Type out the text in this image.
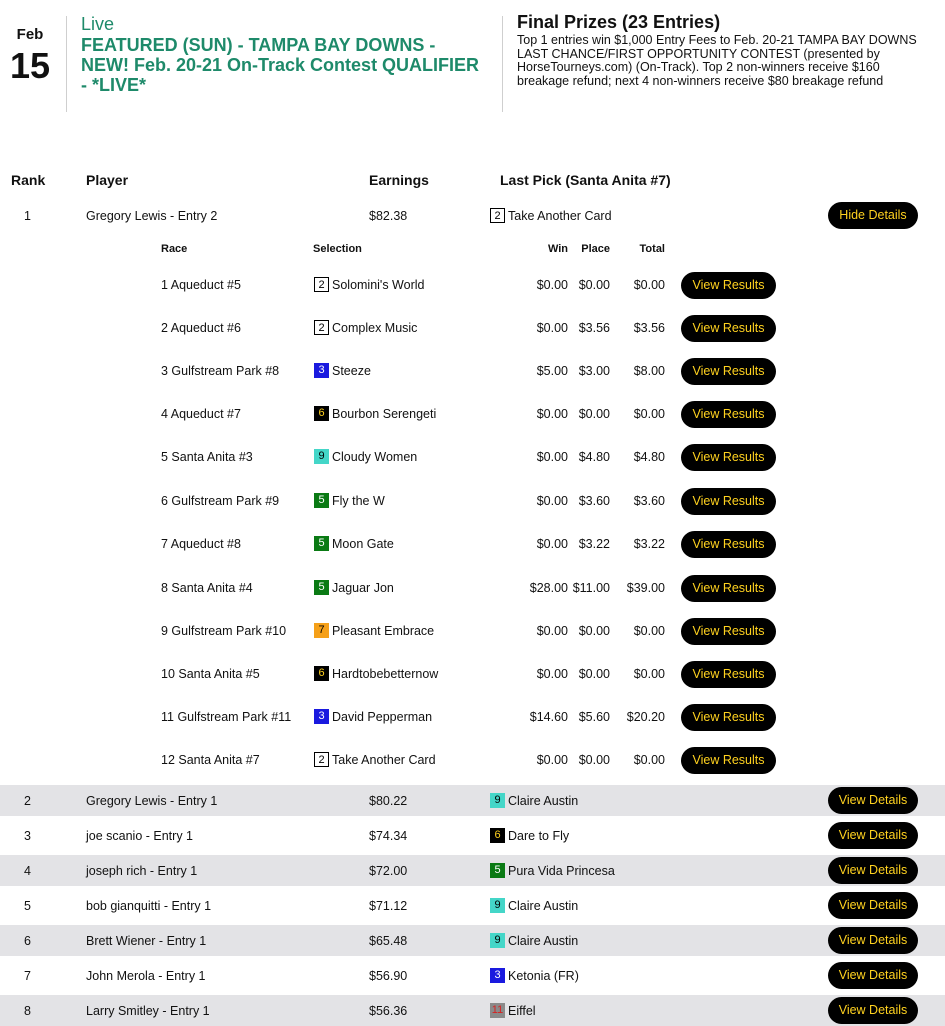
Feb
15
Live
FEATURED (SUN) - TAMPA BAY DOWNS - NEW! Feb. 20-21 On-Track Contest QUALIFIER - *LIVE*
Final Prizes (23 Entries)
Top 1 entries win $1,000 Entry Fees to Feb. 20-21 TAMPA BAY DOWNS LAST CHANCE/FIRST OPPORTUNITY CONTEST (presented by HorseTourneys.com) (On-Track). Top 2 non-winners receive $160 breakage refund; next 4 non-winners receive $80 breakage refund
Rank	Player	Earnings	Last Pick (Santa Anita #7)
1	Gregory Lewis - Entry 2	$82.38	2 Take Another Card	Hide Details
2	Gregory Lewis - Entry 1	$80.22	9 Claire Austin	View Details
3	joe scanio - Entry 1	$74.34	6 Dare to Fly	View Details
4	joseph rich - Entry 1	$72.00	5 Pura Vida Princesa	View Details
5	bob gianquitti - Entry 1	$71.12	9 Claire Austin	View Details
6	Brett Wiener - Entry 1	$65.48	9 Claire Austin	View Details
7	John Merola - Entry 1	$56.90	3 Ketonia (FR)	View Details
8	Larry Smitley - Entry 1	$56.36	11 Eiffel	View Details
Race	Selection	Win	Place	Total
1 Aqueduct #5	2 Solomini's World	$0.00 $0.00	$0.00	View Results
2 Aqueduct #6	2 Complex Music	$0.00 $3.56	$3.56	View Results
3 Gulfstream Park #8	3 Steeze	$5.00 $3.00	$8.00	View Results
4 Aqueduct #7	6 Bourbon Serengeti	$0.00 $0.00	$0.00	View Results
5 Santa Anita #3	9 Cloudy Women	$0.00 $4.80	$4.80	View Results
6 Gulfstream Park #9	5 Fly the W	$0.00 $3.60	$3.60	View Results
7 Aqueduct #8	5 Moon Gate	$0.00 $3.22	$3.22	View Results
8 Santa Anita #4	5 Jaguar Jon	$28.00 $11.00	$39.00	View Results
9 Gulfstream Park #10	7 Pleasant Embrace	$0.00 $0.00	$0.00	View Results
10 Santa Anita #5	6 Hardtobebetternow	$0.00 $0.00	$0.00	View Results
11 Gulfstream Park #11	3 David Pepperman	$14.60 $5.60	$20.20	View Results
12 Santa Anita #7	2 Take Another Card	$0.00 $0.00	$0.00	View Results
